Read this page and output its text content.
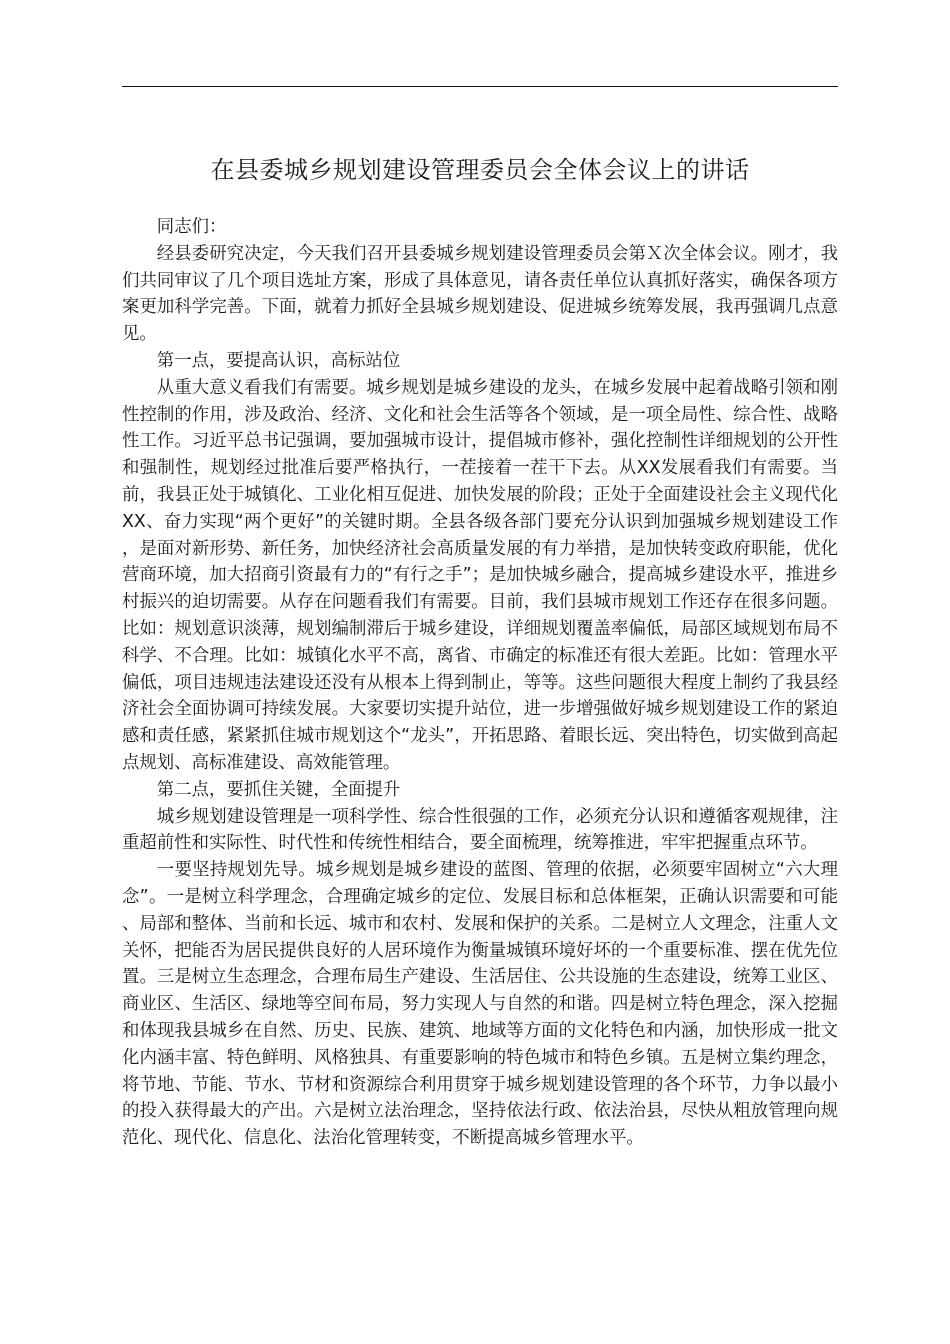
在县委城乡规划建设管理委员会全体会议上的讲话

同志们：

经县委研究决定，今天我们召开县委城乡规划建设管理委员会第Ｘ次全体会议。刚才，我们共同审议了几个项目选址方案，形成了具体意见，请各责任单位认真抓好落实，确保各项方案更加科学完善。下面，就着力抓好全县城乡规划建设、促进城乡统筹发展，我再强调几点意见。

第一点，要提高认识，高标站位

从重大意义看我们有需要。城乡规划是城乡建设的龙头，在城乡发展中起着战略引领和刚性控制的作用，涉及政治、经济、文化和社会生活等各个领域，是一项全局性、综合性、战略性工作。习近平总书记强调，要加强城市设计，提倡城市修补，强化控制性详细规划的公开性和强制性，规划经过批准后要严格执行，一茬接着一茬干下去。从XX发展看我们有需要。当前，我县正处于城镇化、工业化相互促进、加快发展的阶段；正处于全面建设社会主义现代化XX、奋力实现“两个更好”的关键时期。全县各级各部门要充分认识到加强城乡规划建设工作，是面对新形势、新任务，加快经济社会高质量发展的有力举措，是加快转变政府职能，优化营商环境，加大招商引资最有力的“有行之手”；是加快城乡融合，提高城乡建设水平，推进乡村振兴的迫切需要。从存在问题看我们有需要。目前，我们县城市规划工作还存在很多问题。比如：规划意识淡薄，规划编制滞后于城乡建设，详细规划覆盖率偏低，局部区域规划布局不科学、不合理。比如：城镇化水平不高，离省、市确定的标准还有很大差距。比如：管理水平偏低，项目违规违法建设还没有从根本上得到制止，等等。这些问题很大程度上制约了我县经济社会全面协调可持续发展。大家要切实提升站位，进一步增强做好城乡规划建设工作的紧迫感和责任感，紧紧抓住城市规划这个“龙头”，开拓思路、着眼长远、突出特色，切实做到高起点规划、高标准建设、高效能管理。

第二点，要抓住关键，全面提升

城乡规划建设管理是一项科学性、综合性很强的工作，必须充分认识和遵循客观规律，注重超前性和实际性、时代性和传统性相结合，要全面梳理，统筹推进，牢牢把握重点环节。

一要坚持规划先导。城乡规划是城乡建设的蓝图、管理的依据，必须要牢固树立“六大理念”。一是树立科学理念，合理确定城乡的定位、发展目标和总体框架，正确认识需要和可能、局部和整体、当前和长远、城市和农村、发展和保护的关系。二是树立人文理念，注重人文关怀，把能否为居民提供良好的人居环境作为衡量城镇环境好坏的一个重要标准、摆在优先位置。三是树立生态理念，合理布局生产建设、生活居住、公共设施的生态建设，统筹工业区、商业区、生活区、绿地等空间布局，努力实现人与自然的和谐。四是树立特色理念，深入挖掘和体现我县城乡在自然、历史、民族、建筑、地域等方面的文化特色和内涵，加快形成一批文化内涵丰富、特色鲜明、风格独具、有重要影响的特色城市和特色乡镇。五是树立集约理念，将节地、节能、节水、节材和资源综合利用贯穿于城乡规划建设管理的各个环节，力争以最小的投入获得最大的产出。六是树立法治理念，坚持依法行政、依法治县，尽快从粗放管理向规范化、现代化、信息化、法治化管理转变，不断提高城乡管理水平。
